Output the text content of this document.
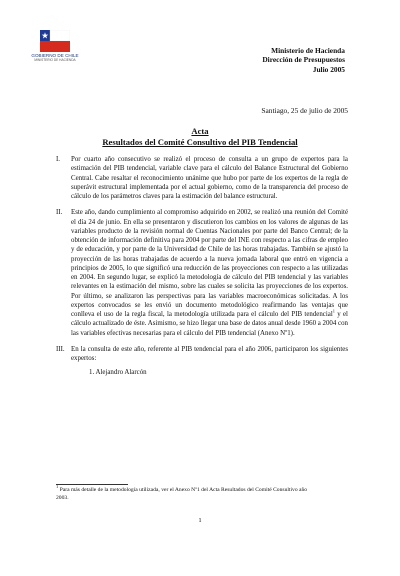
GOBIERNO DE CHILE
MINISTERIO DE HACIENDA
Ministerio de Hacienda
Dirección de Presupuestos
Julio 2005
Santiago, 25 de julio de 2005
Acta
Resultados del Comité Consultivo del PIB Tendencial
I. Por cuarto año consecutivo se realizó el proceso de consulta a un grupo de expertos para la estimación del PIB tendencial, variable clave para el cálculo del Balance Estructural del Gobierno Central. Cabe resaltar el reconocimiento unánime que hubo por parte de los expertos de la regla de superávit estructural implementada por el actual gobierno, como de la transparencia del proceso de cálculo de los parámetros claves para la estimación del balance estructural.

II. Este año, dando cumplimiento al compromiso adquirido en 2002, se realizó una reunión del Comité el día 24 de junio. En ella se presentaron y discutieron los cambios en los valores de algunas de las variables producto de la revisión normal de Cuentas Nacionales por parte del Banco Central; de la obtención de información definitiva para 2004 por parte del INE con respecto a las cifras de empleo y de educación, y por parte de la Universidad de Chile de las horas trabajadas. También se ajustó la proyección de las horas trabajadas de acuerdo a la nueva jornada laboral que entró en vigencia a principios de 2005, lo que significó una reducción de las proyecciones con respecto a las utilizadas en 2004. En segundo lugar, se explicó la metodología de cálculo del PIB tendencial y las variables relevantes en la estimación del mismo, sobre las cuales se solicita las proyecciones de los expertos. Por último, se analizaron las perspectivas para las variables macroeconómicas solicitadas. A los expertos convocados se les envió un documento metodológico reafirmando las ventajas que conlleva el uso de la regla fiscal, la metodología utilizada para el cálculo del PIB tendencial$^1$ y el cálculo actualizado de éste. Asimismo, se hizo llegar una base de datos anual desde 1960 a 2004 con las variables efectivas necesarias para el cálculo del PIB tendencial (Anexo Nº1).

III. En la consulta de este año, referente al PIB tendencial para el año 2006, participaron los siguientes expertos:

1. Alejandro Alarcón
$^1$ Para más detalle de la metodología utilizada, ver el Anexo Nº1 del Acta Resultados del Comité Consultivo año 2003.
1
